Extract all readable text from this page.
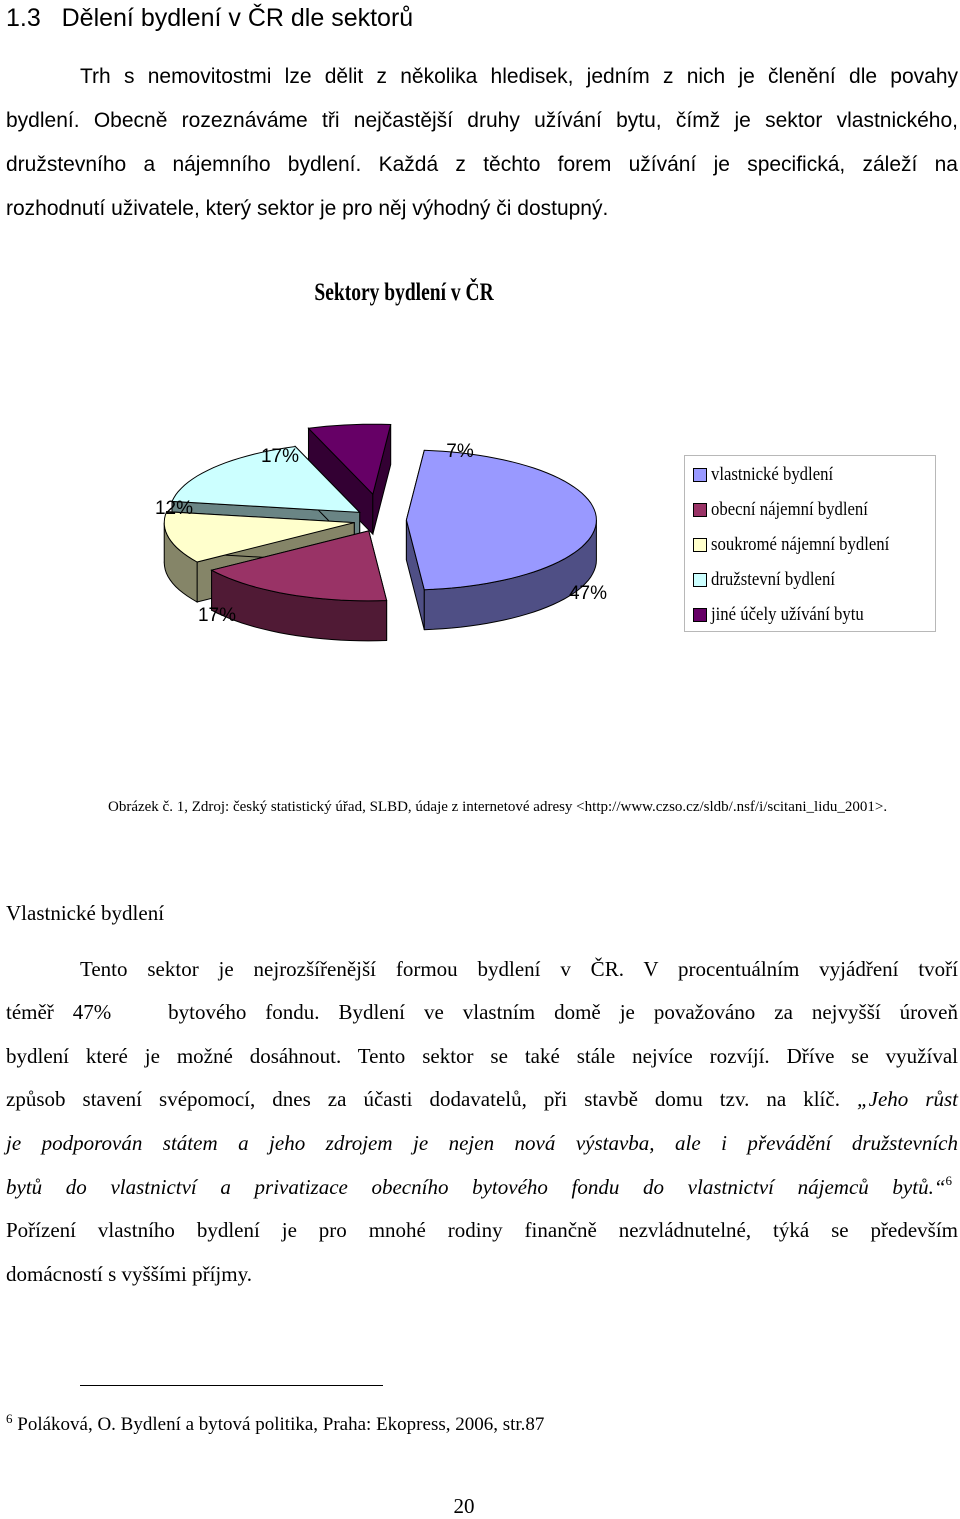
1.3 Dělení bydlení v ČR dle sektorů
Trh s nemovitostmi lze dělit z několika hledisek, jedním z nich je členění dle povahy
bydlení. Obecně rozeznáváme tři nejčastější druhy užívání bytu, čímž je sektor vlastnického,
družstevního a nájemního bydlení. Každá z těchto forem užívání je specifická, záleží na
rozhodnutí uživatele, který sektor je pro něj výhodný či dostupný.
Sektory bydlení v ČR
7%
17%
12%
17%
47%
vlastnické bydlení
obecní nájemní bydlení
soukromé nájemní bydlení
družstevní bydlení
jiné účely užívání bytu
Obrázek č. 1, Zdroj: český statistický úřad, SLBD, údaje z internetové adresy <http://www.czso.cz/sldb/.nsf/i/scitani_lidu_2001>.
Vlastnické bydlení
Tento sektor je nejrozšířenější formou bydlení v ČR. V procentuálním vyjádření tvoří
téměř 47%   bytového fondu. Bydlení ve vlastním domě je považováno za nejvyšší úroveň
bydlení které je možné dosáhnout. Tento sektor se také stále nejvíce rozvíjí. Dříve se využíval
způsob stavení svépomocí, dnes za účasti dodavatelů, při stavbě domu tzv. na klíč. „Jeho růst
je podporován státem a jeho zdrojem je nejen nová výstavba, ale i převádění družstevních
bytů do vlastnictví a privatizace obecního bytového fondu do vlastnictví nájemců bytů.“$^6$
Pořízení vlastního bydlení je pro mnohé rodiny finančně nezvládnutelné, týká se především
domácností s vyššími příjmy.
$^6$ Poláková, O. Bydlení a bytová politika, Praha: Ekopress, 2006, str.87
20
